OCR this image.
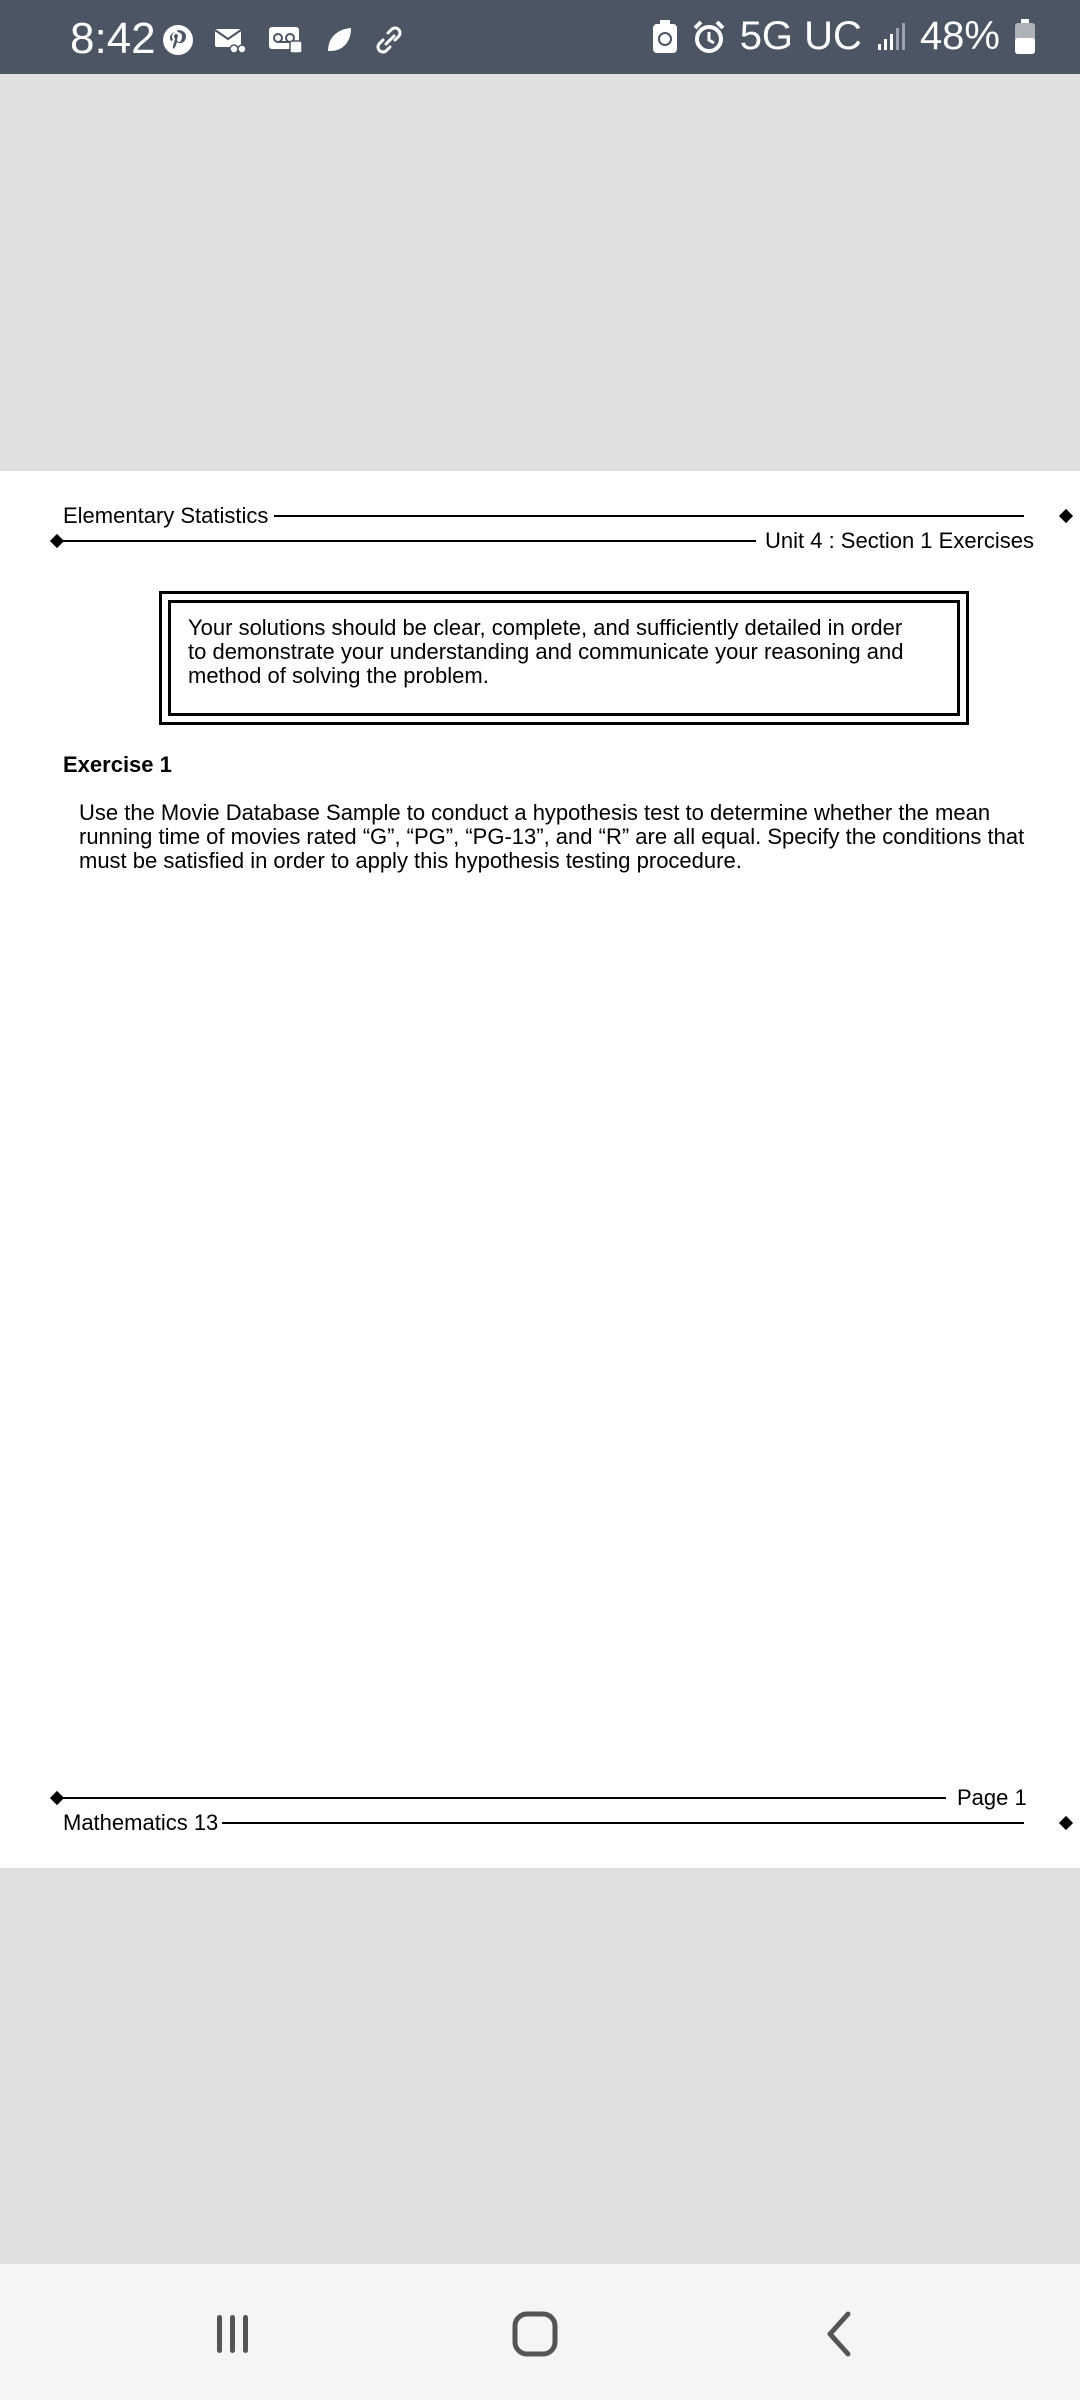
8:42	5G UC 48%
Elementary Statistics
Unit 4 : Section 1 Exercises
Your solutions should be clear, complete, and sufficiently detailed in order to demonstrate your understanding and communicate your reasoning and method of solving the problem.
Exercise 1
Use the Movie Database Sample to conduct a hypothesis test to determine whether the mean running time of movies rated “G”, “PG”, “PG-13”, and “R” are all equal. Specify the conditions that must be satisfied in order to apply this hypothesis testing procedure.
Page 1
Mathematics 13
